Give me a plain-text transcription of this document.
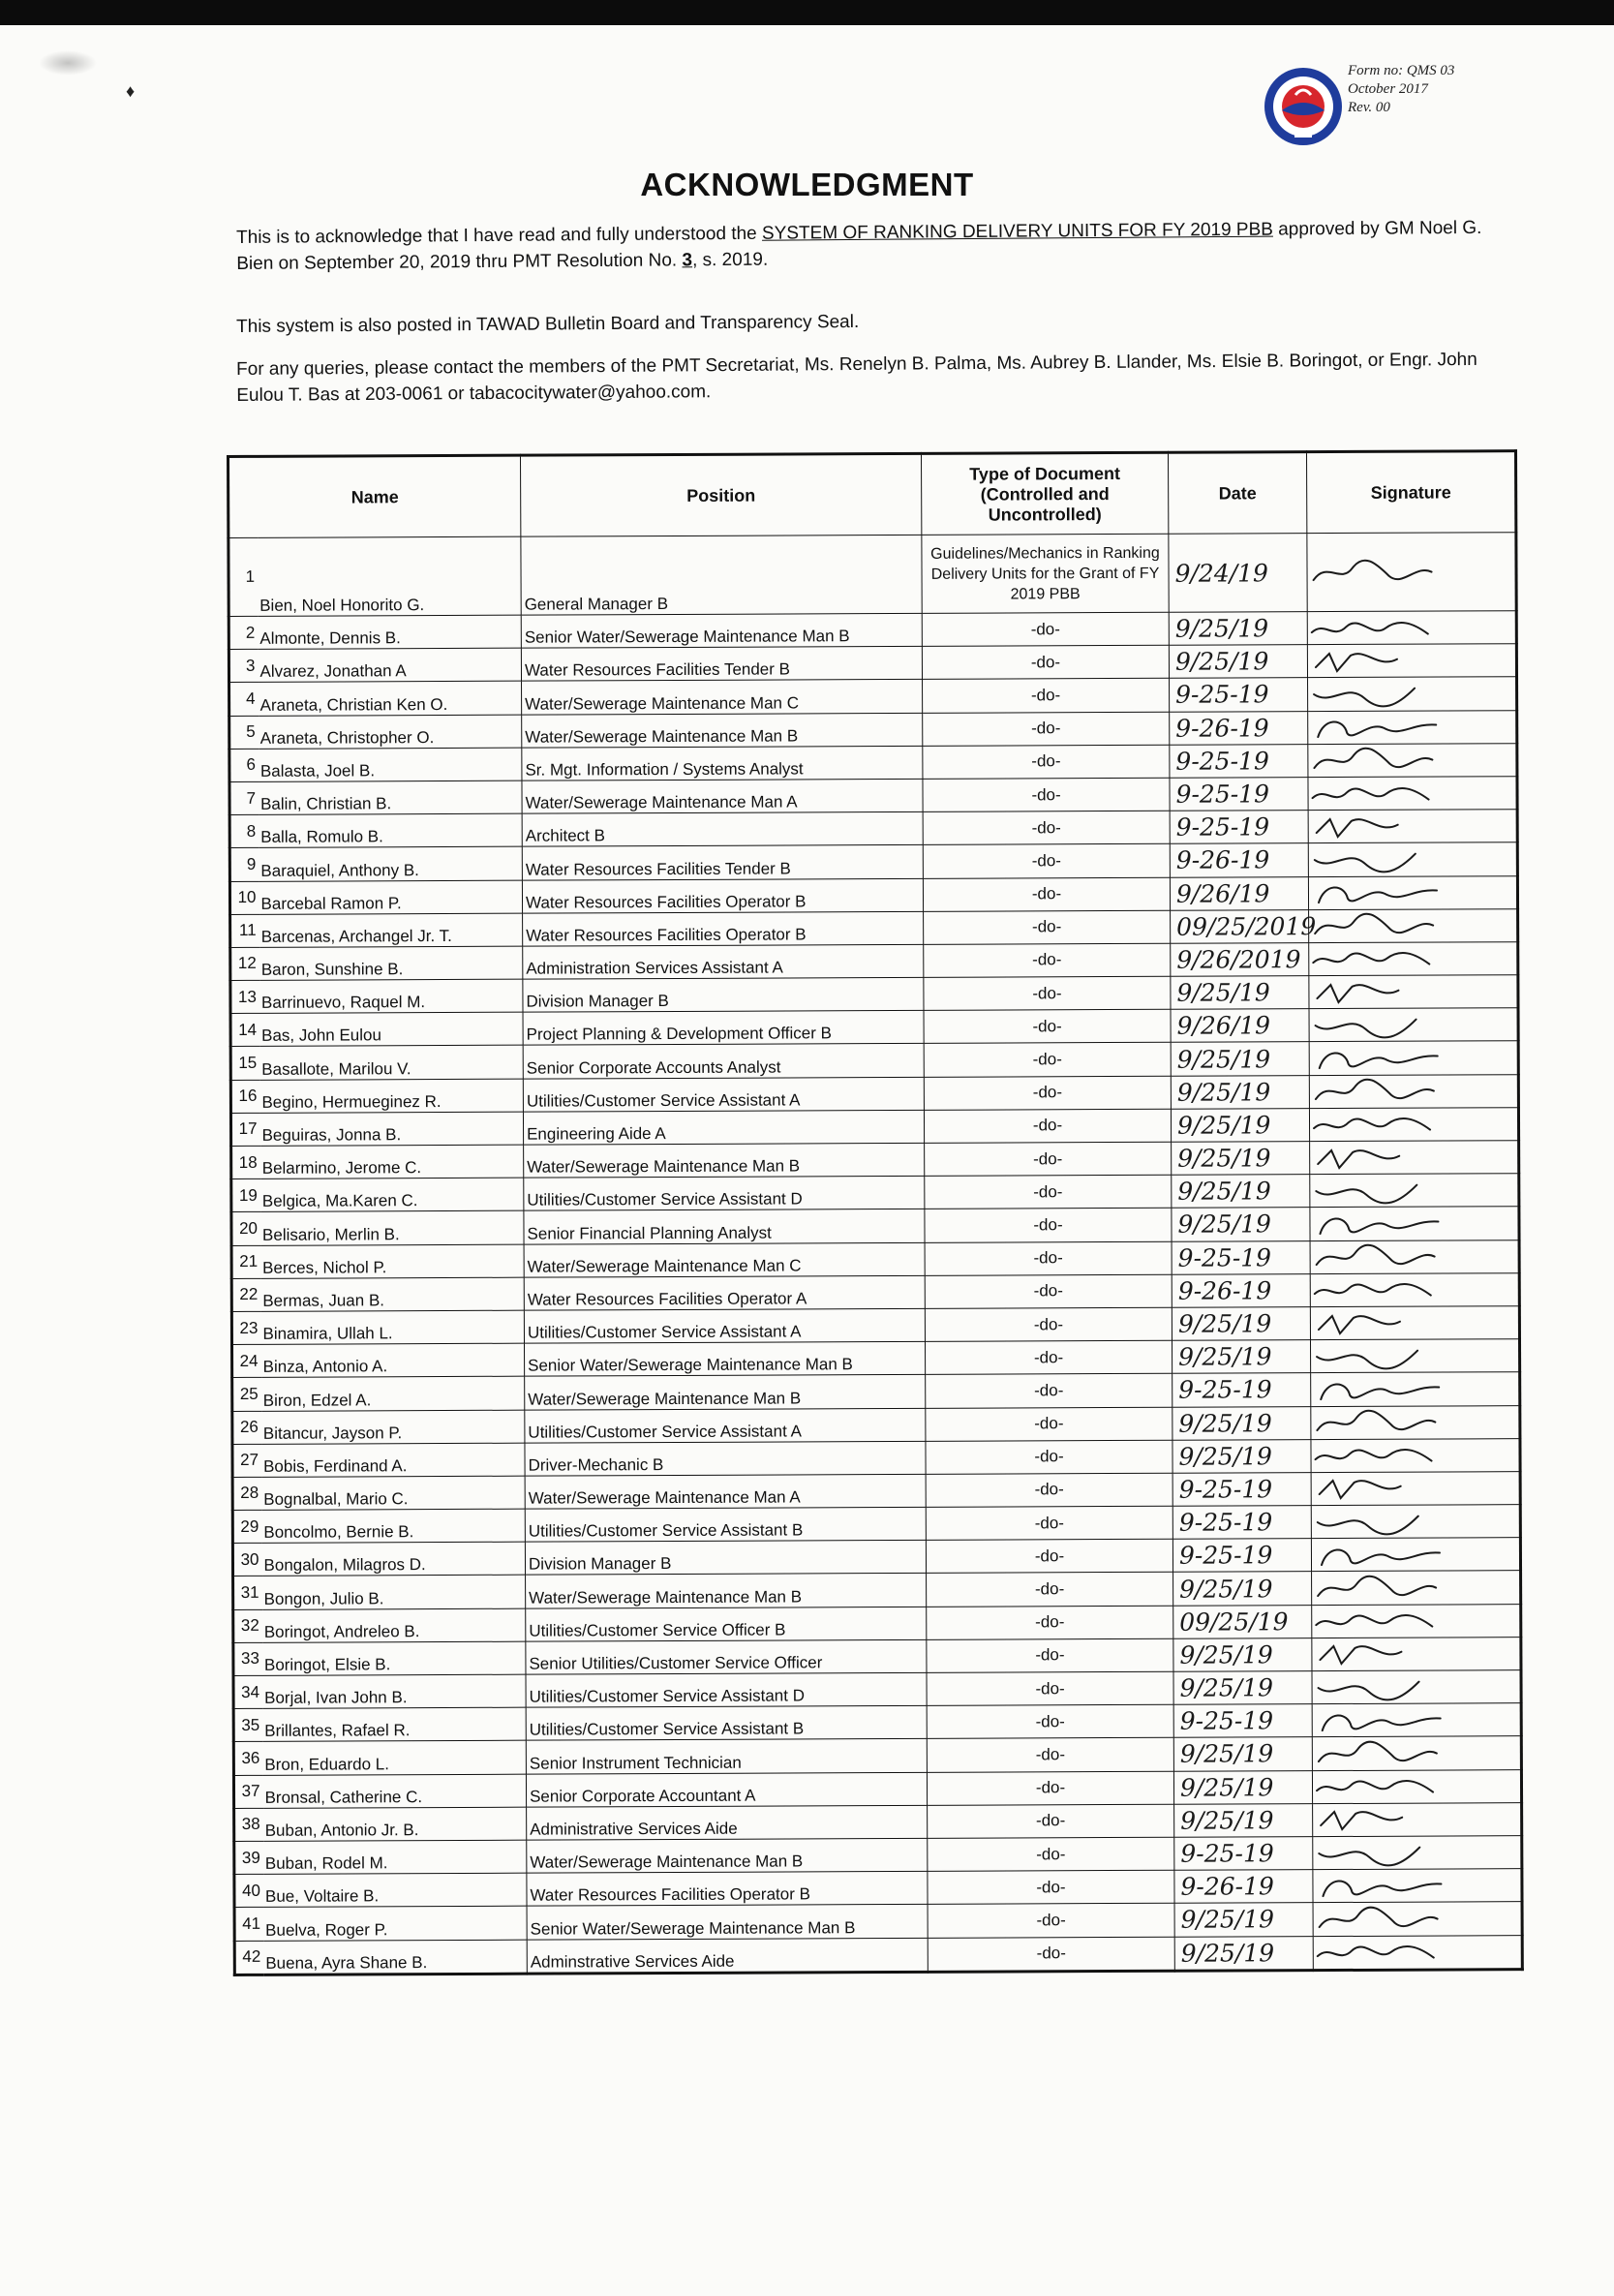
♦
Form no: QMS 03
October 2017
Rev. 00
ACKNOWLEDGMENT
This is to acknowledge that I have read and fully understood the SYSTEM OF RANKING DELIVERY UNITS FOR FY 2019 PBB approved by GM Noel G. Bien on September 20, 2019 thru PMT Resolution No. 3, s. 2019.
This system is also posted in TAWAD Bulletin Board and Transparency Seal.
For any queries, please contact the members of the PMT Secretariat, Ms. Renelyn B. Palma, Ms. Aubrey B. Llander, Ms. Elsie B. Boringot, or Engr. John Eulou T. Bas at 203-0061 or tabacocitywater@yahoo.com.
Name		Position	Type of Document (Controlled and Uncontrolled)	Date	Signature
1	Bien, Noel Honorito G.	General Manager B	Guidelines/Mechanics in Ranking Delivery Units for the Grant of FY 2019 PBB	9/24/19	

2	Almonte, Dennis B.	Senior Water/Sewerage Maintenance Man B	-do-	9/25/19	

3	Alvarez, Jonathan A	Water Resources Facilities Tender B	-do-	9/25/19	

4	Araneta, Christian Ken O.	Water/Sewerage Maintenance Man C	-do-	9-25-19	

5	Araneta, Christopher O.	Water/Sewerage Maintenance Man B	-do-	9-26-19	

6	Balasta, Joel B.	Sr. Mgt. Information / Systems Analyst	-do-	9-25-19	

7	Balin, Christian B.	Water/Sewerage Maintenance Man A	-do-	9-25-19	

8	Balla, Romulo B.	Architect B	-do-	9-25-19	

9	Baraquiel, Anthony B.	Water Resources Facilities Tender B	-do-	9-26-19	

10	Barcebal Ramon P.	Water Resources Facilities Operator B	-do-	9/26/19	

11	Barcenas, Archangel Jr. T.	Water Resources Facilities Operator B	-do-	09/25/2019	

12	Baron, Sunshine B.	Administration Services Assistant A	-do-	9/26/2019	

13	Barrinuevo, Raquel M.	Division Manager B	-do-	9/25/19	

14	Bas, John Eulou	Project Planning & Development Officer B	-do-	9/26/19	

15	Basallote, Marilou V.	Senior Corporate Accounts Analyst	-do-	9/25/19	

16	Begino, Hermueginez R.	Utilities/Customer Service Assistant A	-do-	9/25/19	

17	Beguiras, Jonna B.	Engineering Aide A	-do-	9/25/19	

18	Belarmino, Jerome C.	Water/Sewerage Maintenance Man B	-do-	9/25/19	

19	Belgica, Ma.Karen C.	Utilities/Customer Service Assistant D	-do-	9/25/19	

20	Belisario, Merlin B.	Senior Financial Planning Analyst	-do-	9/25/19	

21	Berces, Nichol P.	Water/Sewerage Maintenance Man C	-do-	9-25-19	

22	Bermas, Juan B.	Water Resources Facilities Operator A	-do-	9-26-19	

23	Binamira, Ullah L.	Utilities/Customer Service Assistant A	-do-	9/25/19	

24	Binza, Antonio A.	Senior Water/Sewerage Maintenance Man B	-do-	9/25/19	

25	Biron, Edzel A.	Water/Sewerage Maintenance Man B	-do-	9-25-19	

26	Bitancur, Jayson P.	Utilities/Customer Service Assistant A	-do-	9/25/19	

27	Bobis, Ferdinand A.	Driver-Mechanic B	-do-	9/25/19	

28	Bognalbal, Mario C.	Water/Sewerage Maintenance Man A	-do-	9-25-19	

29	Boncolmo, Bernie B.	Utilities/Customer Service Assistant B	-do-	9-25-19	

30	Bongalon, Milagros D.	Division Manager B	-do-	9-25-19	

31	Bongon, Julio B.	Water/Sewerage Maintenance Man B	-do-	9/25/19	

32	Boringot, Andreleo B.	Utilities/Customer Service Officer B	-do-	09/25/19	

33	Boringot, Elsie B.	Senior Utilities/Customer Service Officer	-do-	9/25/19	

34	Borjal, Ivan John B.	Utilities/Customer Service Assistant D	-do-	9/25/19	

35	Brillantes, Rafael R.	Utilities/Customer Service Assistant B	-do-	9-25-19	

36	Bron, Eduardo L.	Senior Instrument Technician	-do-	9/25/19	

37	Bronsal, Catherine C.	Senior Corporate Accountant A	-do-	9/25/19	

38	Buban, Antonio Jr. B.	Administrative Services Aide	-do-	9/25/19	

39	Buban, Rodel M.	Water/Sewerage Maintenance Man B	-do-	9-25-19	

40	Bue, Voltaire B.	Water Resources Facilities Operator B	-do-	9-26-19	

41	Buelva, Roger P.	Senior Water/Sewerage Maintenance Man B	-do-	9/25/19	

42	Buena, Ayra Shane B.	Adminstrative Services Aide	-do-	9/25/19	
